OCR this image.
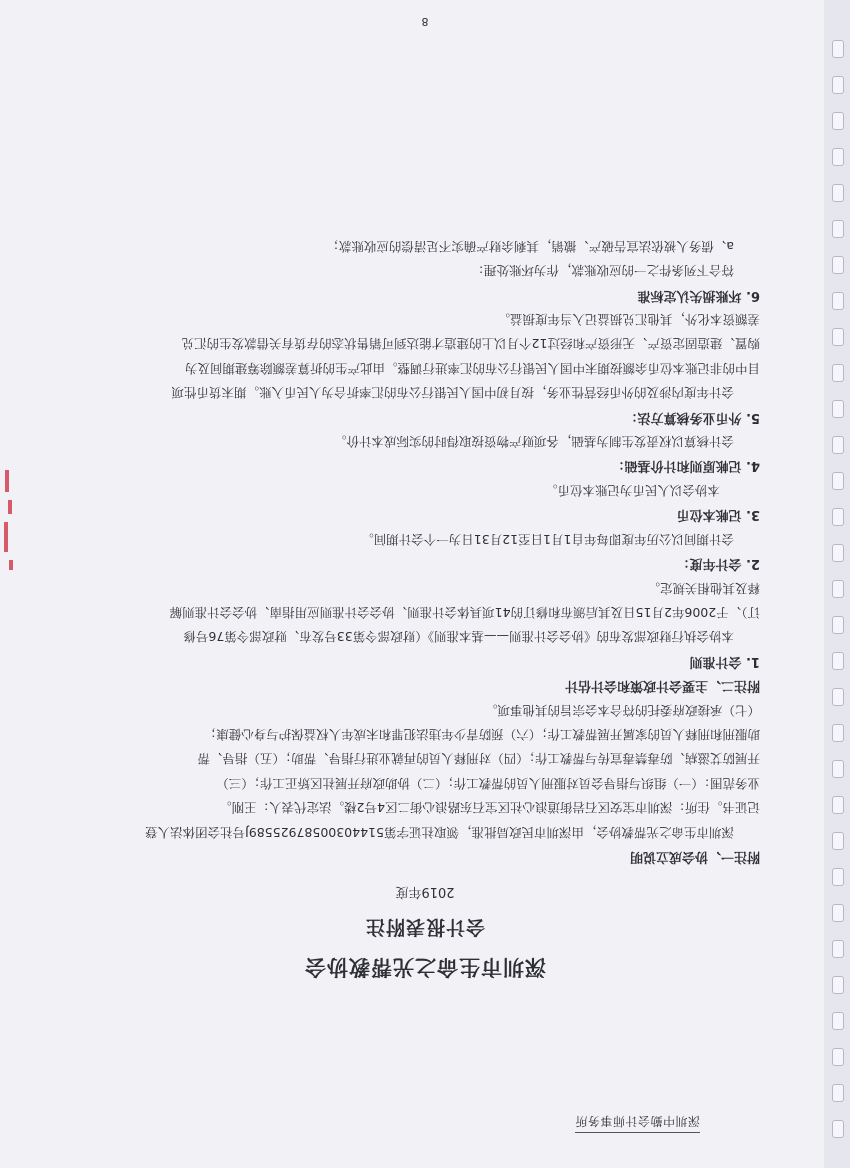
深圳中勤会计师事务所
深圳市生命之光帮教协会
会计报表附注
2019年度

附注一、协会成立说明

深圳市生命之光帮教协会，由深圳市民政局批准，领取社证字第5144030058792558​9J号社会团体法人登

记证书。住所：深圳市宝安区石岩街道浪心社区宝石东路浪心街二区4号2楼。法定代表人：王刚。

业务范围：（一）组织与指导会员对服刑人员的帮教工作；（二）协助政府开展社区矫正工作；（三）

开展防艾滋病、防毒禁毒宣传与帮教工作；（四）对刑释人员的再就业进行指导、帮助；（五）指导、帮

助服刑和刑释人员的家属开展帮教工作；（六）预防青少年违法犯罪和未成年人权益保护与身心健康；

（七）承接政府委托的符合本会宗旨的其他事项。

附注二、主要会计政策和会计估计

1. 会计准则

本协会执行财政部发布的《协会会计准则——基本准则》（财政部令第33号发布、财政部令第76号修

订）、于2006年2月15日及其后颁布和修订的41项具体会计准则、协会会计准则应用指南、协会会计准则解

释及其他相关规定。

2. 会计年度：

会计期间以公历年度即每年自1月1日至12月31日为一个会计期间。

3. 记帐本位币

本协会以人民币为记账本位币。

4. 记帐原则和计价基础：

会计核算以权责发生制为基础，各项财产物资按取得时的实际成本计价。

5. 外币业务核算方法：

会计年度内涉及的外币经营性业务，按月初中国人民银行公布的汇率折合为人民币入账。期末货币性项

目中的非记账本位币余额按期末中国人民银行公布的汇率进行调整。由此产生的折算差额除筹建期间及为

购置、建造固定资产、无形资产和经过12个月以上的建造才能达到可销售状态的存货有关借款发生的汇兑

差额资本化外，其他汇兑损益记入当年度损益。

6. 坏账损失认定标准

符合下列条件之一的应收账款，作为坏账处理：

a、债务人被依法宣告破产、撤销，其剩余财产确实不足清偿的应收账款；

8
